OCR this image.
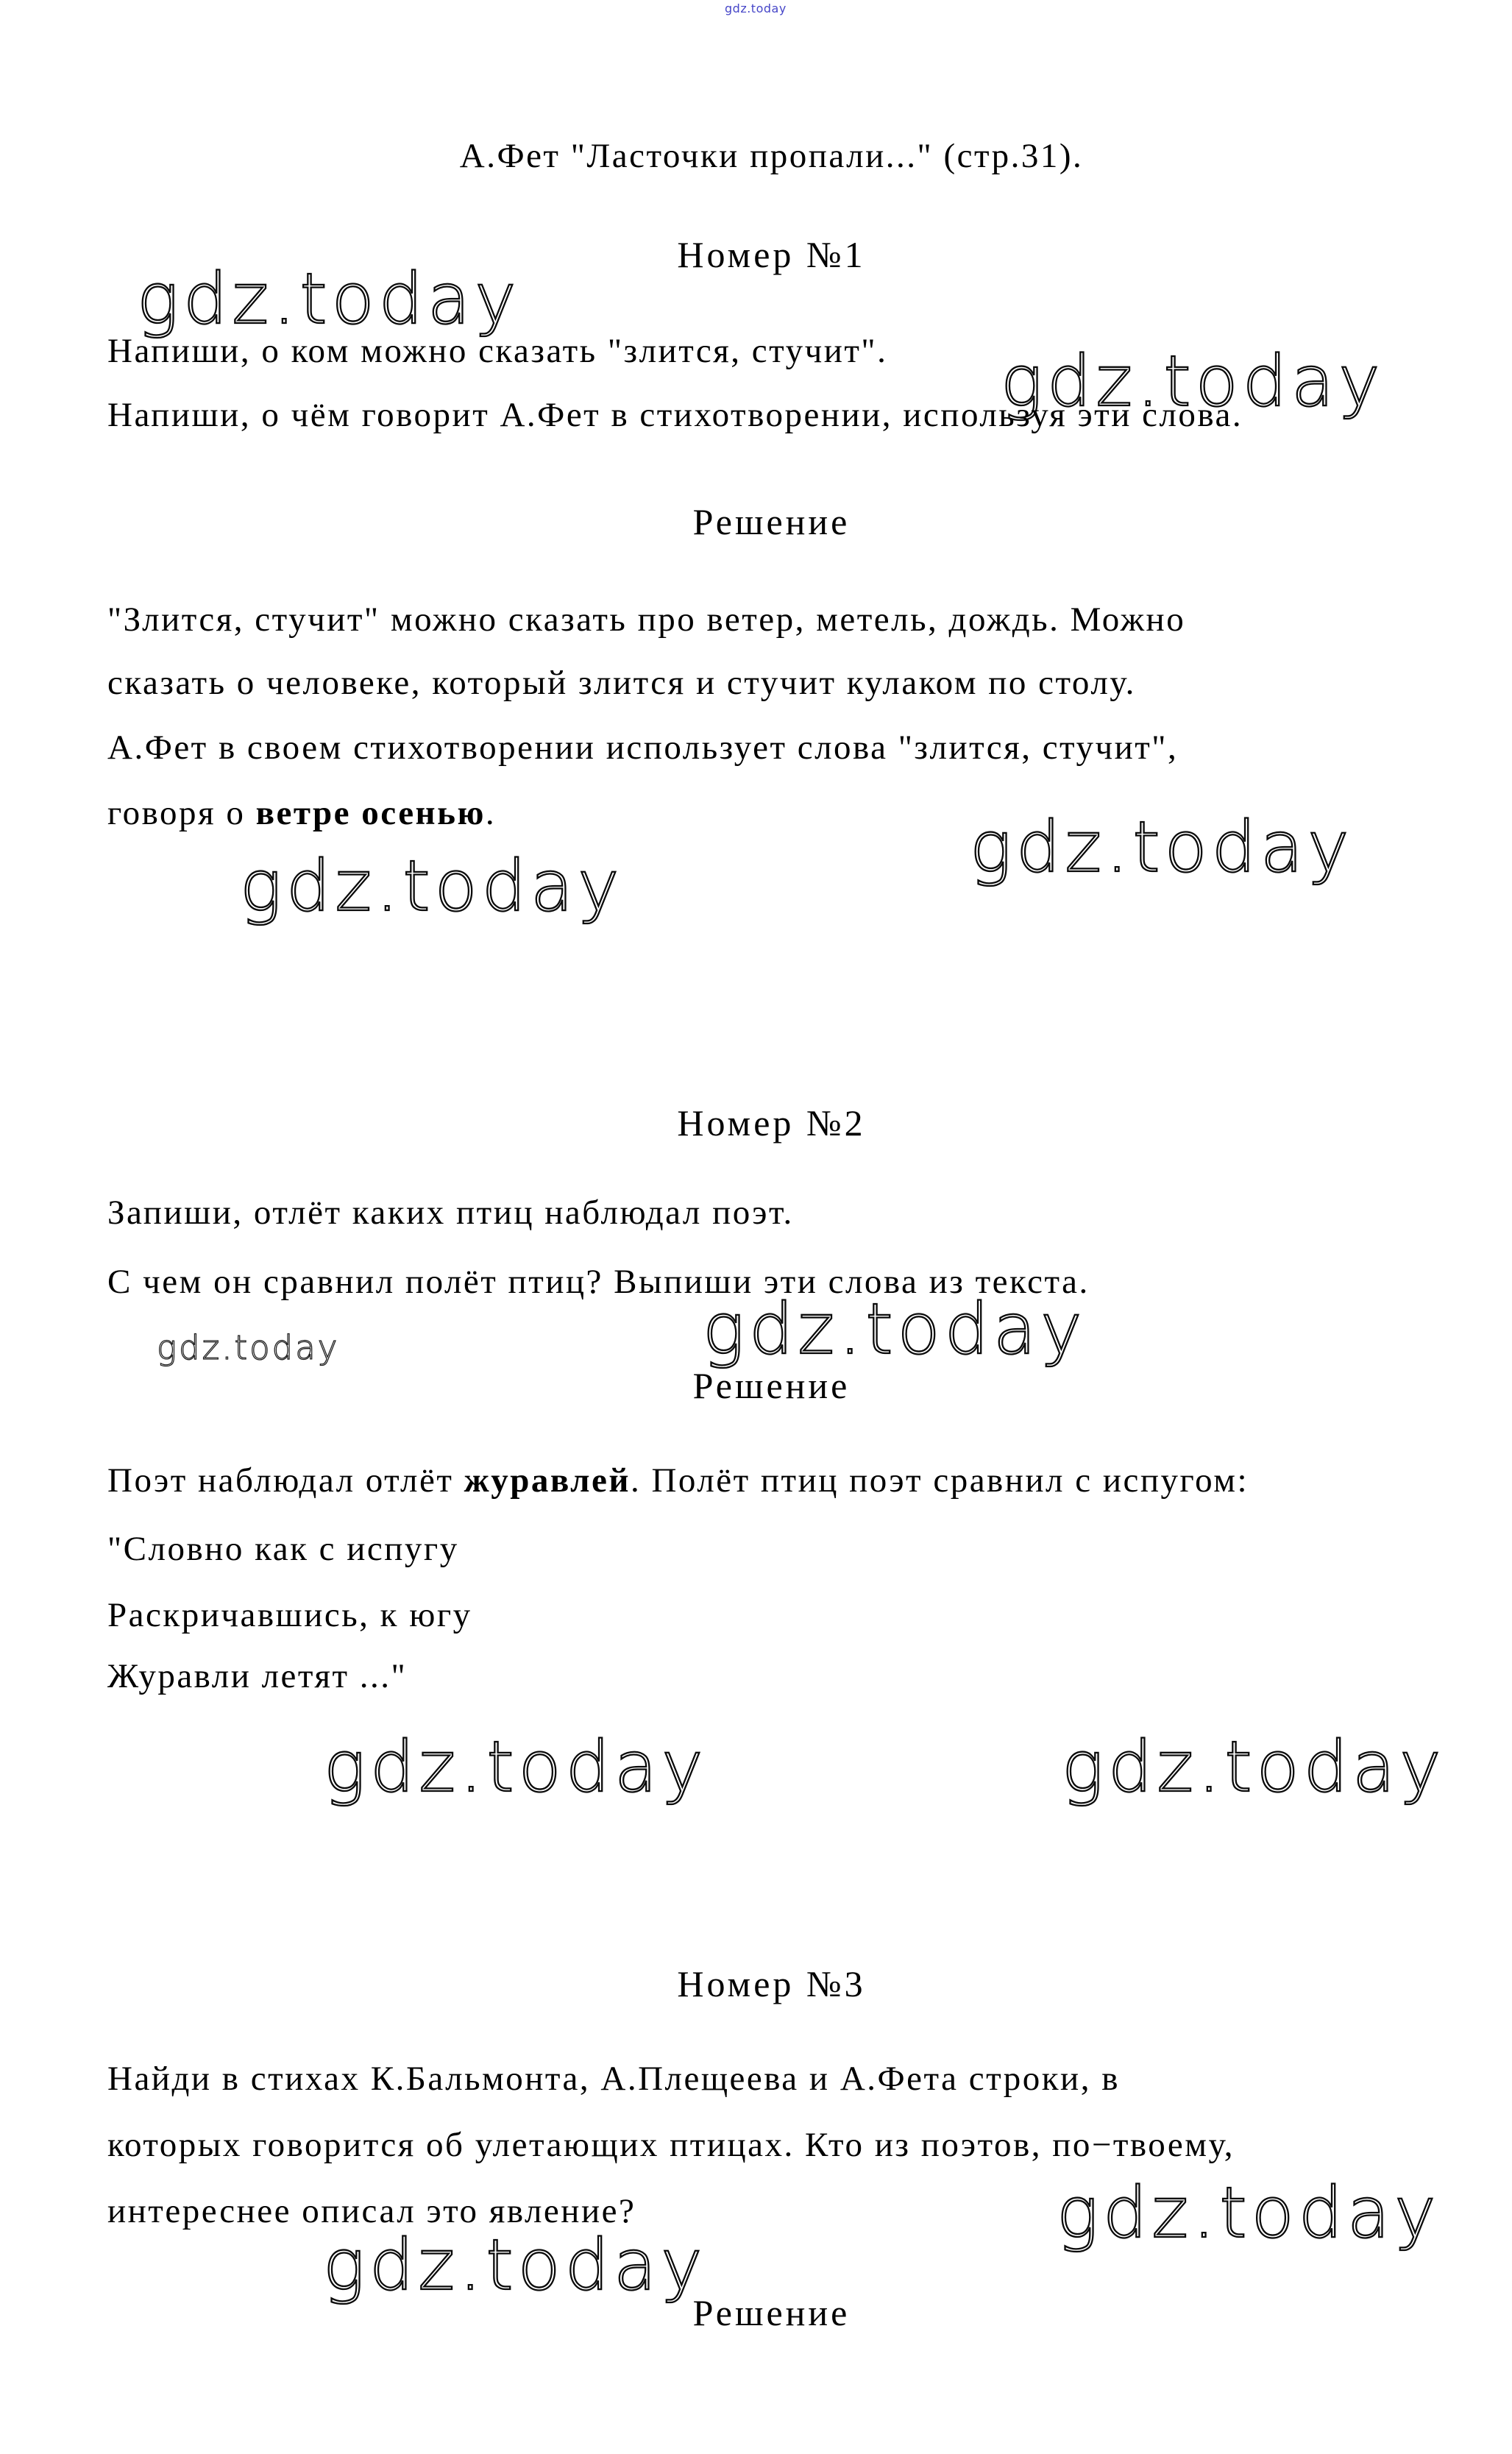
gdz.today
А.Фет "Ласточки пропали..." (стр.31).
Номер №1
gdz.today
Напиши, о ком можно сказать "злится, стучит". gdz.today
Напиши, о чём говорит А.Фет в стихотворении, используя эти слова.
Решение
"Злится, стучит" можно сказать про ветер, метель, дождь. Можно
сказать о человеке, который злится и стучит кулаком по столу.
А.Фет в своем стихотворении использует слова "злится, стучит",
говоря о ветре осенью.	gdz.today
gdz.today
Номер №2
Запиши, отлёт каких птиц наблюдал поэт.
С чем он сравнил полёт птиц? Выпиши эти слова из текста.
gdz.today
gdz.today
Решение
Поэт наблюдал отлёт журавлей. Полёт птиц поэт сравнил с испугом:
"Словно как с испугу
Раскричавшись, к югу
Журавли летят ..."
gdz.today	gdz.today
Номер №3
Найди в стихах К.Бальмонта, А.Плещеева и А.Фета строки, в
которых говорится об улетающих птицах. Кто из поэтов, по−твоему,
интереснее описал это явление?	gdz.today
gdz.today
Решение
